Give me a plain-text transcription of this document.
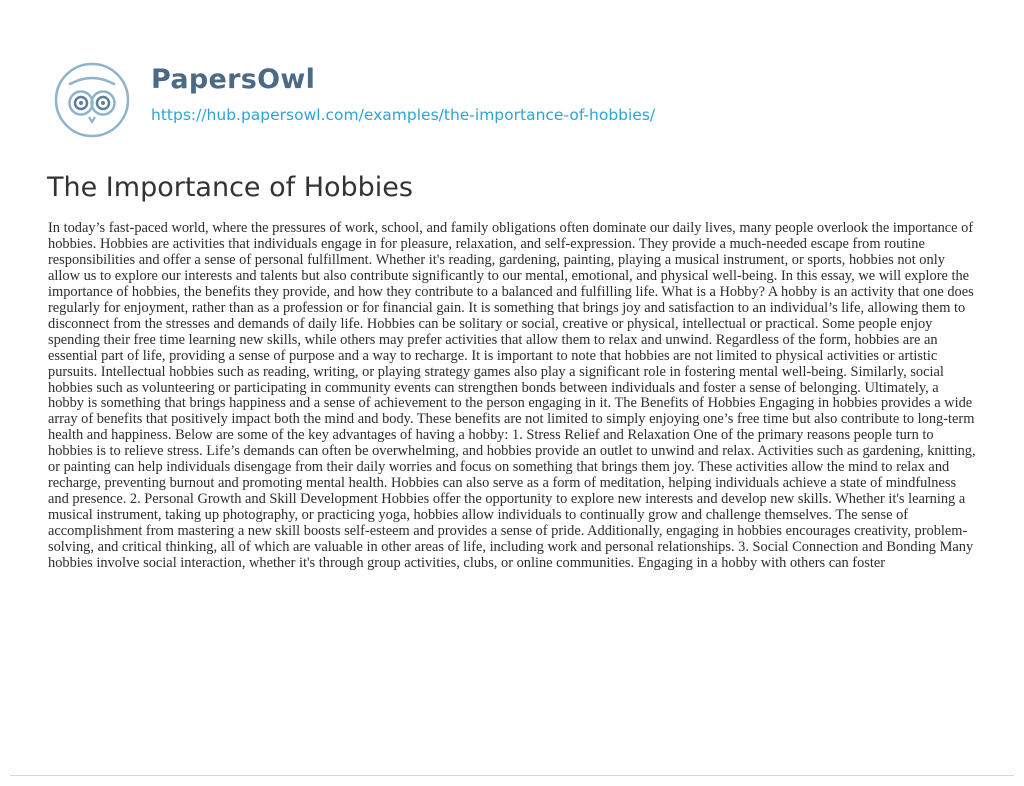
PapersOwl
https://hub.papersowl.com/examples/the-importance-of-hobbies/
The Importance of Hobbies

In today’s fast-paced world, where the pressures of work, school, and family obligations often dominate our daily lives, many people overlook the importance of hobbies. Hobbies are activities that individuals engage in for pleasure, relaxation, and self-expression. They provide a much-needed escape from routine responsibilities and offer a sense of personal fulfillment. Whether it's reading, gardening, painting, playing a musical instrument, or sports, hobbies not only allow us to explore our interests and talents but also contribute significantly to our mental, emotional, and physical well-being. In this essay, we will explore the importance of hobbies, the benefits they provide, and how they contribute to a balanced and fulfilling life. What is a Hobby? A hobby is an activity that one does regularly for enjoyment, rather than as a profession or for financial gain. It is something that brings joy and satisfaction to an individual’s life, allowing them to disconnect from the stresses and demands of daily life. Hobbies can be solitary or social, creative or physical, intellectual or practical. Some people enjoy spending their free time learning new skills, while others may prefer activities that allow them to relax and unwind. Regardless of the form, hobbies are an essential part of life, providing a sense of purpose and a way to recharge. It is important to note that hobbies are not limited to physical activities or artistic pursuits. Intellectual hobbies such as reading, writing, or playing strategy games also play a significant role in fostering mental well-being. Similarly, social hobbies such as volunteering or participating in community events can strengthen bonds between individuals and foster a sense of belonging. Ultimately, a hobby is something that brings happiness and a sense of achievement to the person engaging in it. The Benefits of Hobbies Engaging in hobbies provides a wide array of benefits that positively impact both the mind and body. These benefits are not limited to simply enjoying one’s free time but also contribute to long-term health and happiness. Below are some of the key advantages of having a hobby: 1. Stress Relief and Relaxation One of the primary reasons people turn to hobbies is to relieve stress. Life’s demands can often be overwhelming, and hobbies provide an outlet to unwind and relax. Activities such as gardening, knitting, or painting can help individuals disengage from their daily worries and focus on something that brings them joy. These activities allow the mind to relax and recharge, preventing burnout and promoting mental health. Hobbies can also serve as a form of meditation, helping individuals achieve a state of mindfulness and presence. 2. Personal Growth and Skill Development Hobbies offer the opportunity to explore new interests and develop new skills. Whether it's learning a musical instrument, taking up photography, or practicing yoga, hobbies allow individuals to continually grow and challenge themselves. The sense of accomplishment from mastering a new skill boosts self-esteem and provides a sense of pride. Additionally, engaging in hobbies encourages creativity, problem-solving, and critical thinking, all of which are valuable in other areas of life, including work and personal relationships. 3. Social Connection and Bonding Many hobbies involve social interaction, whether it's through group activities, clubs, or online communities. Engaging in a hobby with others can foster
